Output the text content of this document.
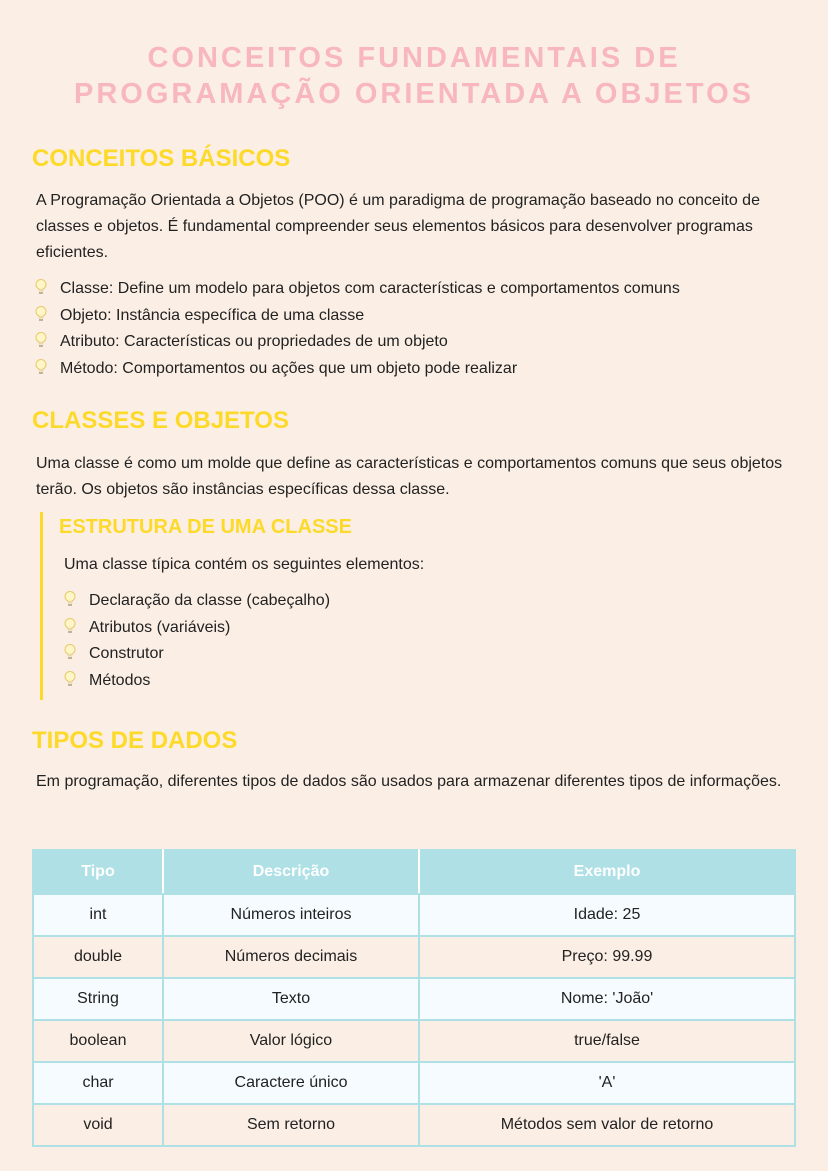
CONCEITOS FUNDAMENTAIS DE
PROGRAMAÇÃO ORIENTADA A OBJETOS
CONCEITOS BÁSICOS

A Programação Orientada a Objetos (POO) é um paradigma de programação baseado no conceito de classes e objetos. É fundamental compreender seus elementos básicos para desenvolver programas eficientes.

Classe: Define um modelo para objetos com características e comportamentos comuns
Objeto: Instância específica de uma classe
Atributo: Características ou propriedades de um objeto
Método: Comportamentos ou ações que um objeto pode realizar
CLASSES E OBJETOS

Uma classe é como um molde que define as características e comportamentos comuns que seus objetos terão. Os objetos são instâncias específicas dessa classe.

ESTRUTURA DE UMA CLASSE

Uma classe típica contém os seguintes elementos:

Declaração da classe (cabeçalho)
Atributos (variáveis)
Construtor
Métodos
TIPOS DE DADOS

Em programação, diferentes tipos de dados são usados para armazenar diferentes tipos de informações.

Tipo	Descrição	Exemplo
int	Números inteiros	Idade: 25
double	Números decimais	Preço: 99.99
String	Texto	Nome: 'João'
boolean	Valor lógico	true/false
char	Caractere único	'A'
void	Sem retorno	Métodos sem valor de retorno
